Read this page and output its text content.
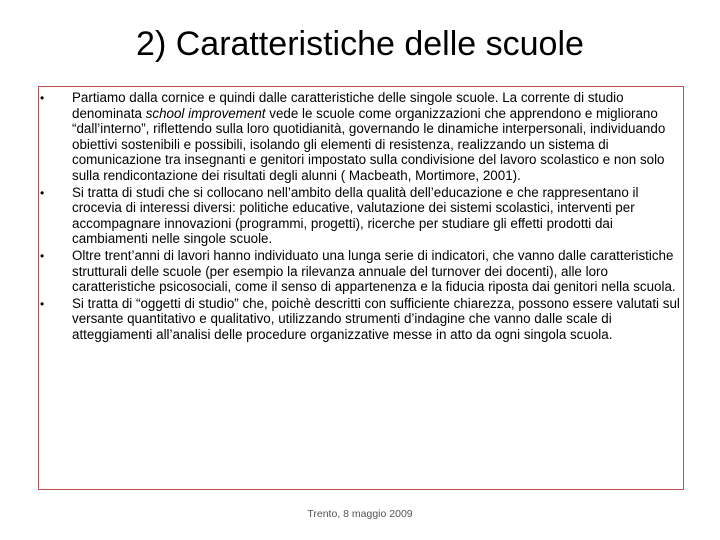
2) Caratteristiche delle scuole
• Partiamo dalla cornice e quindi dalle caratteristiche delle singole scuole. La corrente di studio denominata school improvement vede le scuole come organizzazioni che apprendono e migliorano “dall’interno”, riflettendo sulla loro quotidianità, governando le dinamiche interpersonali, individuando obiettivi sostenibili e possibili, isolando gli elementi di resistenza, realizzando un sistema di comunicazione tra insegnanti e genitori impostato sulla condivisione del lavoro scolastico e non solo sulla rendicontazione dei risultati degli alunni ( Macbeath, Mortimore, 2001).
• Si tratta di studi che si collocano nell’ambito della qualità dell’educazione e che rappresentano il crocevia di interessi diversi: politiche educative, valutazione dei sistemi scolastici, interventi per accompagnare innovazioni (programmi, progetti), ricerche per studiare gli effetti prodotti dai cambiamenti nelle singole scuole.
• Oltre trent’anni di lavori hanno individuato una lunga serie di indicatori, che vanno dalle caratteristiche strutturali delle scuole (per esempio la rilevanza annuale del turnover dei docenti), alle loro caratteristiche psicosociali, come il senso di appartenenza e la fiducia riposta dai genitori nella scuola.
• Si tratta di “oggetti di studio” che, poichè descritti con sufficiente chiarezza, possono essere valutati sul versante quantitativo e qualitativo, utilizzando strumenti d’indagine che vanno dalle scale di atteggiamenti all’analisi delle procedure organizzative messe in atto da ogni singola scuola.
Trento, 8 maggio 2009
